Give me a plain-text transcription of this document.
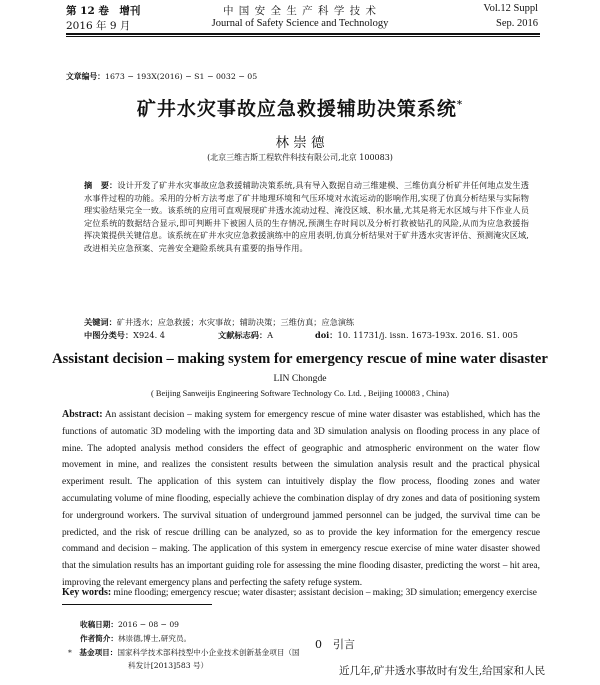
第 12 卷　增刊
2016 年 9 月
中 国 安 全 生 产 科 学 技 术
Journal of Safety Science and Technology
Vol.12 Suppl
Sep. 2016
文章编号：1673 − 193X(2016) − S1 − 0032 − 05
矿井水灾事故应急救援辅助决策系统*
林 崇 德
(北京三维吉斯工程软件科技有限公司,北京 100083)
摘　要：设计开发了矿井水灾事故应急救援辅助决策系统,具有导入数据自动三维建模、三维仿真分析矿井任何地点发生透水事件过程的功能。采用的分析方法考虑了矿井地理环境和气压环境对水流运动的影响作用,实现了仿真分析结果与实际物理实验结果完全一致。该系统的应用可直观展现矿井透水流动过程、淹没区域、积水量,尤其是将无水区域与井下作业人员定位系统的数据结合显示,即可判断井下被困人员的生存情况,预测生存时间以及分析打救被钻孔的风险,从而为应急救援指挥决策提供关键信息。该系统在矿井水灾应急救援演练中的应用表明,仿真分析结果对于矿井透水灾害评估、预测淹灾区域,改进相关应急预案、完善安全避险系统具有重要的指导作用。
关键词：矿井透水；应急救援；水灾事故；辅助决策；三维仿真；应急演练
中图分类号：X924. 4	文献标志码：A	doi：10. 11731/j. issn. 1673-193x. 2016. S1. 005
Assistant decision – making system for emergency rescue of mine water disaster
LIN Chongde
( Beijing Sanweijis Engineering Software Technology Co. Ltd. , Beijing 100083 , China)
Abstract: An assistant decision – making system for emergency rescue of mine water disaster was established, which has the functions of automatic 3D modeling with the importing data and 3D simulation analysis on flooding process in any place of mine. The adopted analysis method considers the effect of geographic and atmospheric environment on the water flow movement in mine, and realizes the consistent results between the simulation analysis result and the practical physical experiment result. The application of this system can intuitively display the flow process, flooding zones and water accumulating volume of mine flooding, especially achieve the combination display of dry zones and data of positioning system for underground workers. The survival situation of underground jammed personnel can be judged, the survival time can be predicted, and the risk of rescue drilling can be analyzed, so as to provide the key information for the emergency rescue command and decision – making. The application of this system in emergency rescue exercise of mine water disaster showed that the simulation results has an important guiding role for assessing the mine flooding disaster, predicting the worst – hit area, improving the relevant emergency plans and perfecting the safety refuge system.
Key words: mine flooding; emergency rescue; water disaster; assistant decision – making; 3D simulation; emergency exercise
收稿日期：2016 − 08 − 09
作者简介：林崇德,博士,研究员。
*　 基金项目：国家科学技术部科技型中小企业技术创新基金项目（国
科发计[2013]583 号）
0　引言
近几年,矿井透水事故时有发生,给国家和人民
